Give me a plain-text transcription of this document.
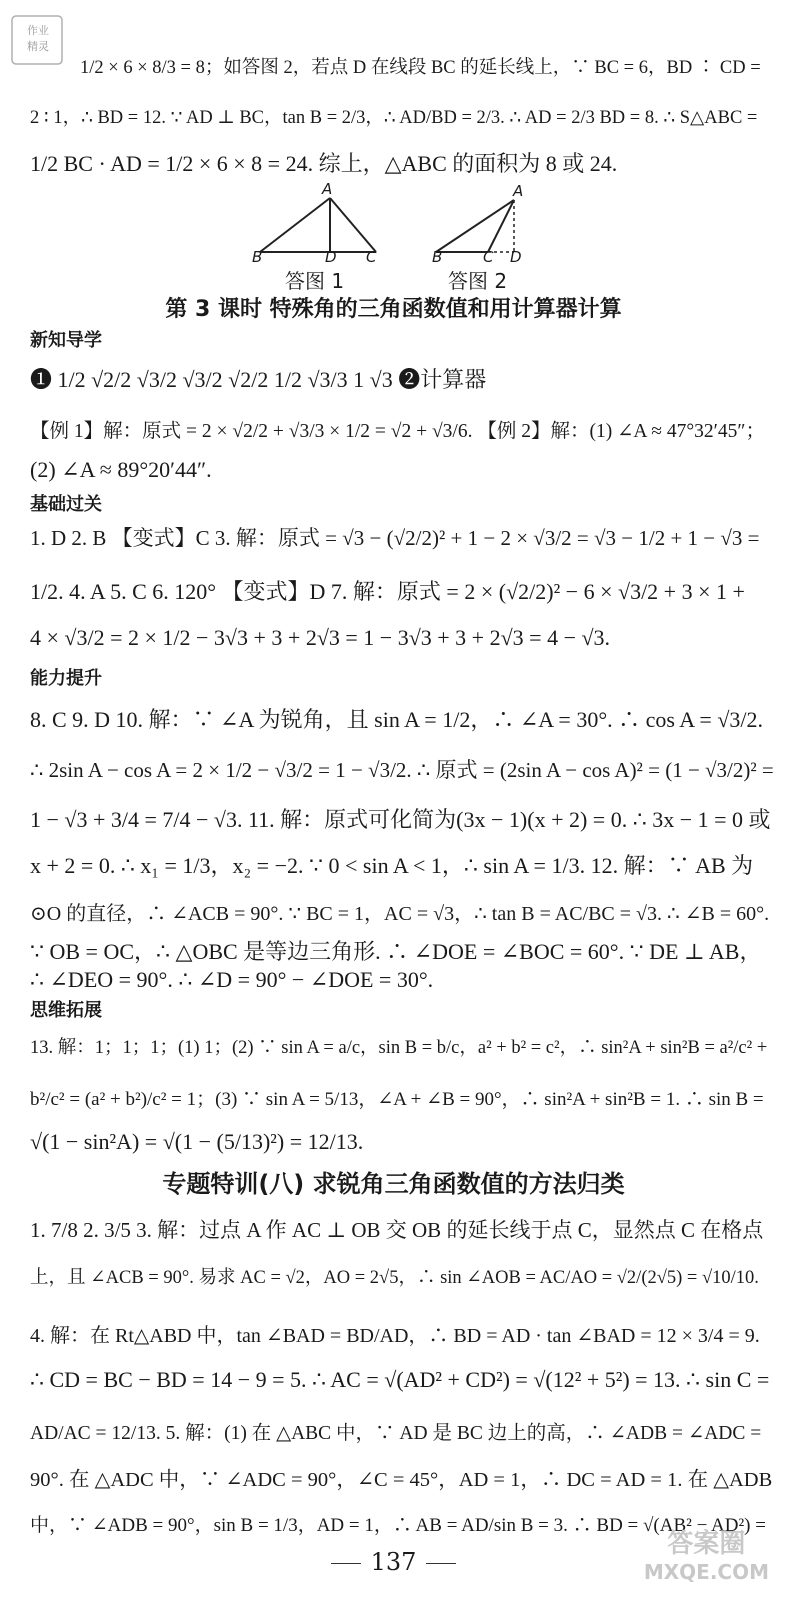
作业
精灵
1/2 × 6 × 8/3 = 8；如答图 2，若点 D 在线段 BC 的延长线上，∵ BC = 6，BD ∶ CD =
2 ∶ 1，∴ BD = 12. ∵ AD ⊥ BC，tan B = 2/3，∴ AD/BD = 2/3. ∴ AD = 2/3 BD = 8. ∴ S△ABC =
1/2 BC · AD = 1/2 × 6 × 8 = 24. 综上，△ABC 的面积为 8 或 24.
A
B	D C
答图 1
A
B	C D
答图 2
第 3 课时 特殊角的三角函数值和用计算器计算
新知导学
❶ 1/2 √2/2 √3/2 √3/2 √2/2 1/2 √3/3 1 √3 ❷计算器
【例 1】解：原式 = 2 × √2/2 + √3/3 × 1/2 = √2 + √3/6. 【例 2】解：(1) ∠A ≈ 47°32′45″；
(2) ∠A ≈ 89°20′44″.
基础过关
1. D 2. B 【变式】C 3. 解：原式 = √3 − (√2/2)² + 1 − 2 × √3/2 = √3 − 1/2 + 1 − √3 =
1/2. 4. A 5. C 6. 120° 【变式】D 7. 解：原式 = 2 × (√2/2)² − 6 × √3/2 + 3 × 1 +
4 × √3/2 = 2 × 1/2 − 3√3 + 3 + 2√3 = 1 − 3√3 + 3 + 2√3 = 4 − √3.
能力提升
8. C 9. D 10. 解：∵ ∠A 为锐角，且 sin A = 1/2，∴ ∠A = 30°. ∴ cos A = √3/2.
∴ 2sin A − cos A = 2 × 1/2 − √3/2 = 1 − √3/2. ∴ 原式 = (2sin A − cos A)² = (1 − √3/2)² =
1 − √3 + 3/4 = 7/4 − √3. 11. 解：原式可化简为(3x − 1)(x + 2) = 0. ∴ 3x − 1 = 0 或
x + 2 = 0. ∴ x₁ = 1/3，x₂ = −2. ∵ 0 < sin A < 1，∴ sin A = 1/3. 12. 解：∵ AB 为
⊙O 的直径，∴ ∠ACB = 90°. ∵ BC = 1，AC = √3，∴ tan B = AC/BC = √3. ∴ ∠B = 60°.
∵ OB = OC，∴ △OBC 是等边三角形. ∴ ∠DOE = ∠BOC = 60°. ∵ DE ⊥ AB，
∴ ∠DEO = 90°. ∴ ∠D = 90° − ∠DOE = 30°.
思维拓展
13. 解：1；1；1；(1) 1；(2) ∵ sin A = a/c，sin B = b/c，a² + b² = c²，∴ sin²A + sin²B = a²/c² +
b²/c² = (a² + b²)/c² = 1；(3) ∵ sin A = 5/13，∠A + ∠B = 90°，∴ sin²A + sin²B = 1. ∴ sin B =
√(1 − sin²A) = √(1 − (5/13)²) = 12/13.
专题特训(八) 求锐角三角函数值的方法归类
1. 7/8 2. 3/5 3. 解：过点 A 作 AC ⊥ OB 交 OB 的延长线于点 C，显然点 C 在格点
上，且 ∠ACB = 90°. 易求 AC = √2，AO = 2√5，∴ sin ∠AOB = AC/AO = √2/(2√5) = √10/10.
4. 解：在 Rt△ABD 中，tan ∠BAD = BD/AD，∴ BD = AD · tan ∠BAD = 12 × 3/4 = 9.
∴ CD = BC − BD = 14 − 9 = 5. ∴ AC = √(AD² + CD²) = √(12² + 5²) = 13. ∴ sin C =
AD/AC = 12/13. 5. 解：(1) 在 △ABC 中，∵ AD 是 BC 边上的高，∴ ∠ADB = ∠ADC =
90°. 在 △ADC 中，∵ ∠ADC = 90°，∠C = 45°，AD = 1，∴ DC = AD = 1. 在 △ADB
中，∵ ∠ADB = 90°，sin B = 1/3，AD = 1，∴ AB = AD/sin B = 3. ∴ BD = √(AB² − AD²) =
137
答案圈
MXQE.COM
